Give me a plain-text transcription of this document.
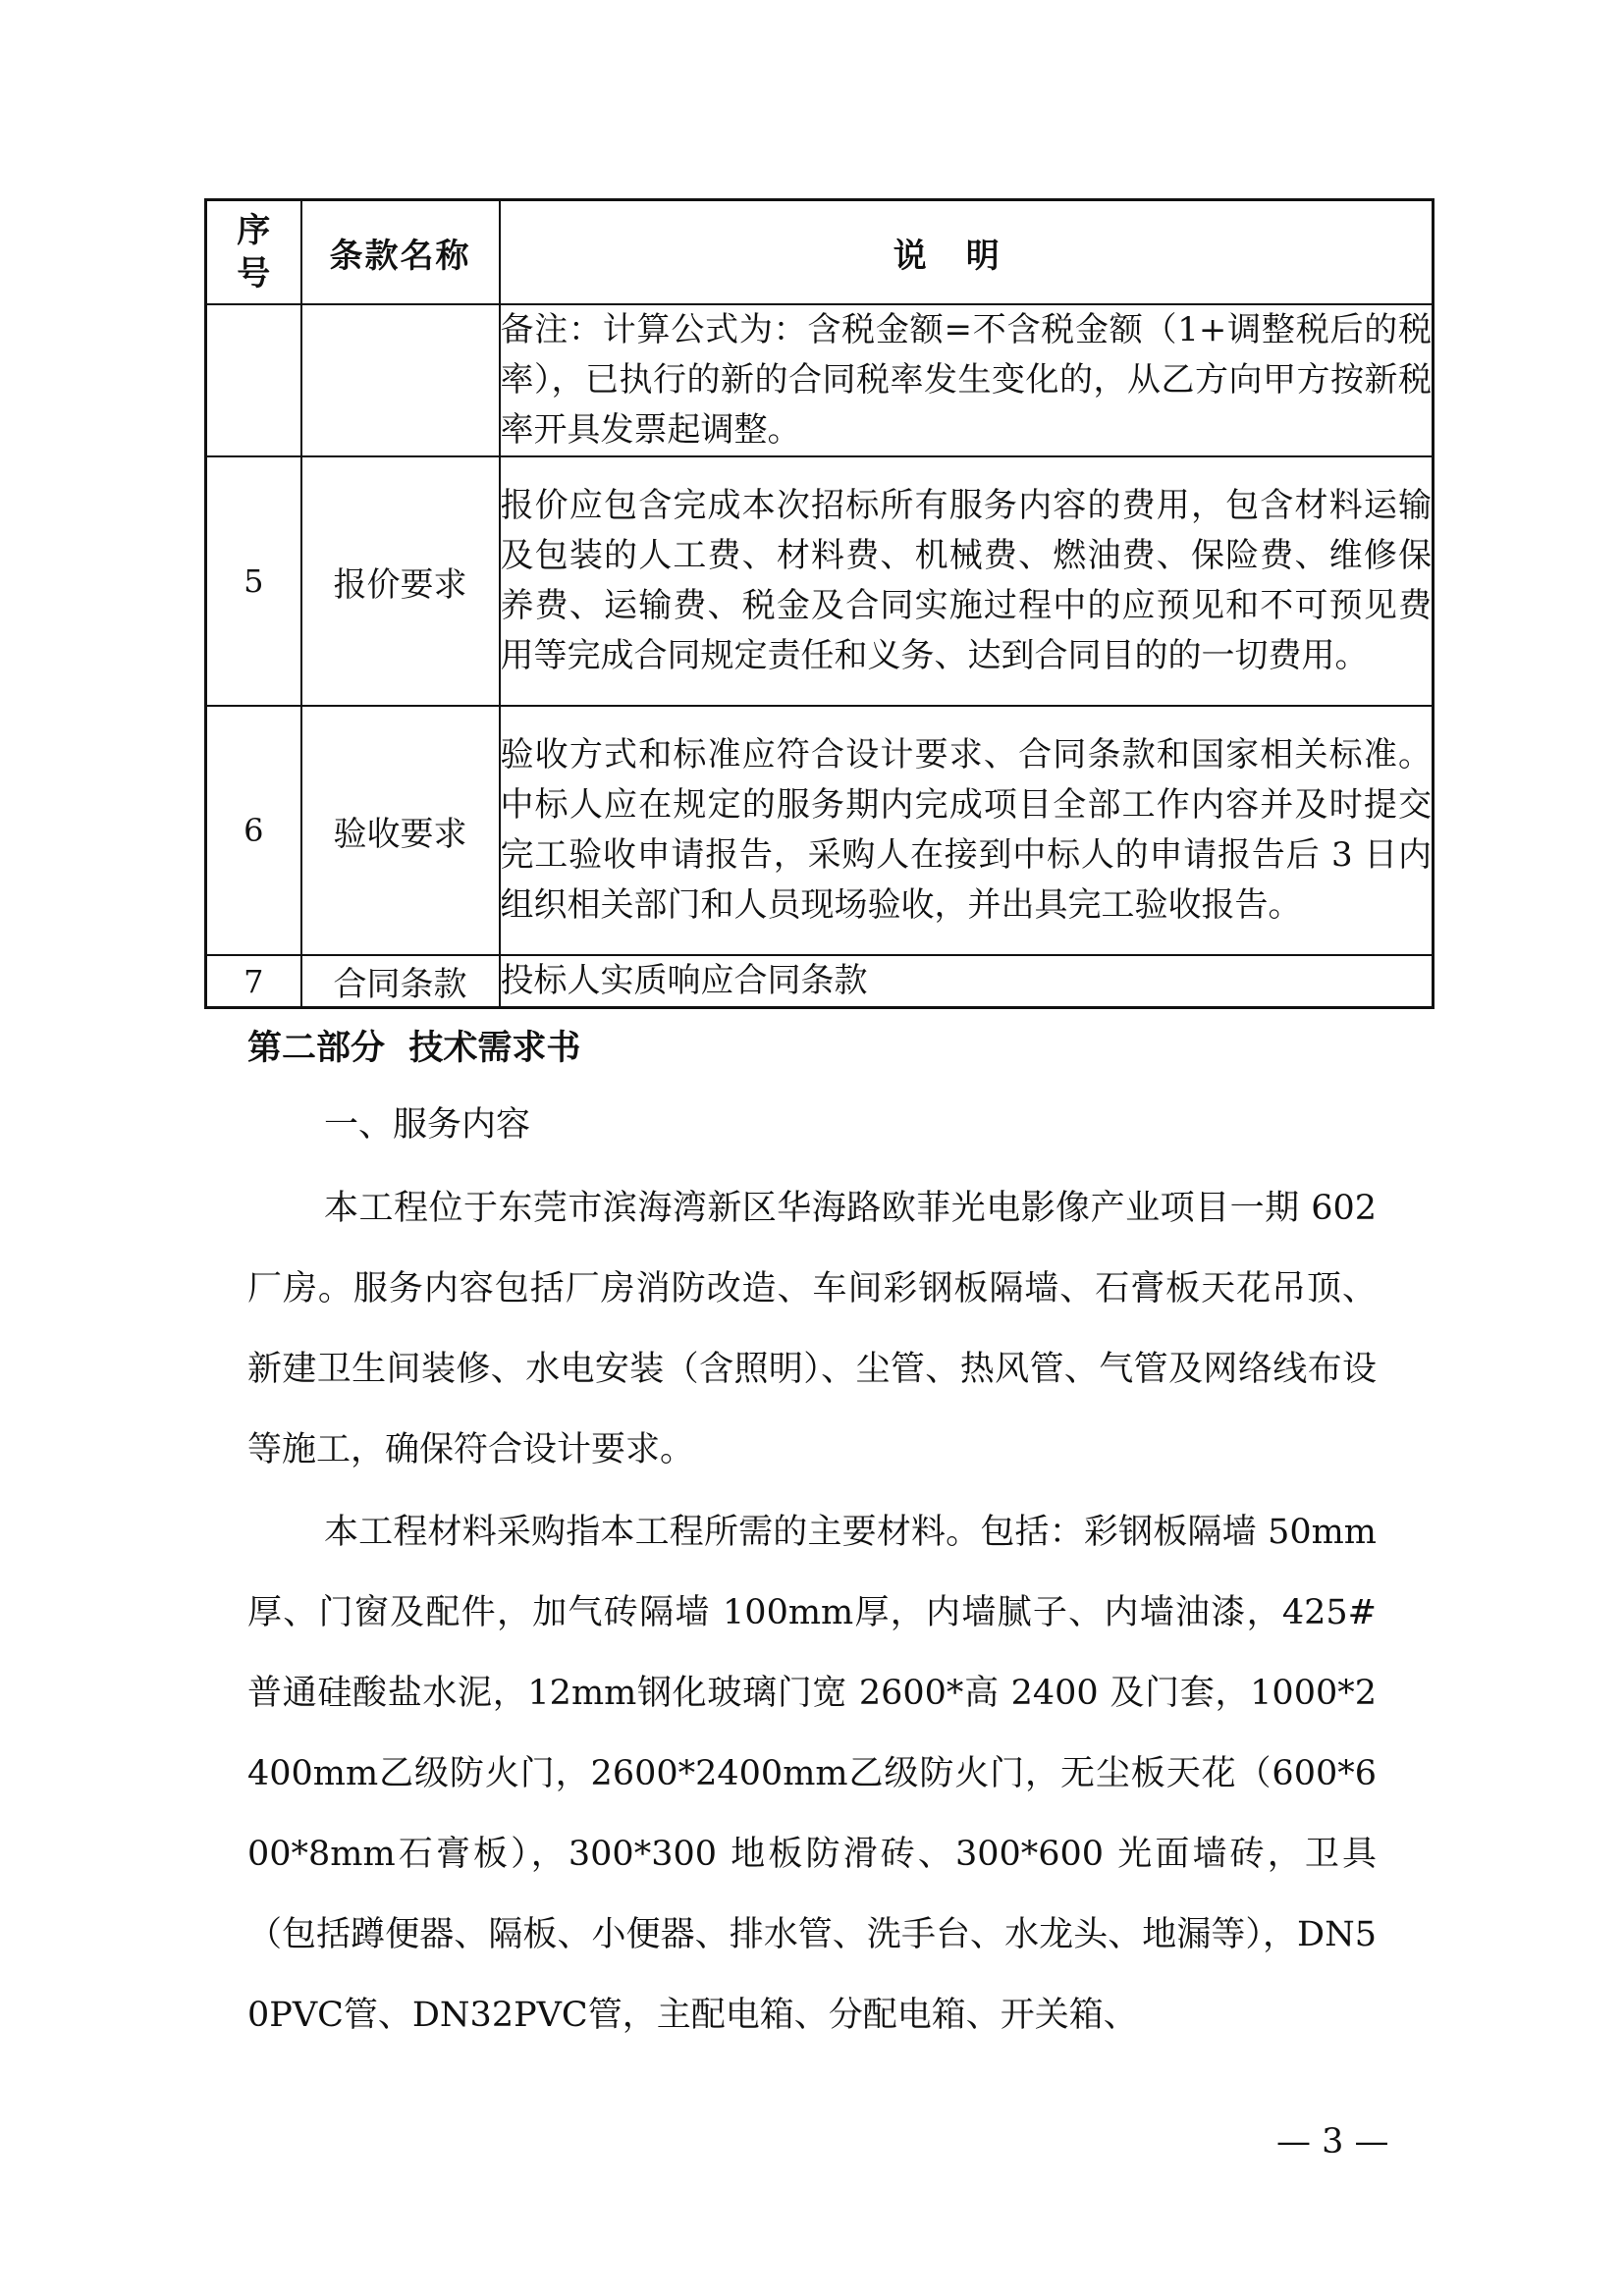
序号	条款名称	说明
		备注：计算公式为：含税金额=不含税金额（1+调整税后的税率），已执行的新的合同税率发生变化的，从乙方向甲方按新税率开具发票起调整。
5	报价要求	报价应包含完成本次招标所有服务内容的费用，包含材料运输及包装的人工费、材料费、机械费、燃油费、保险费、维修保养费、运输费、税金及合同实施过程中的应预见和不可预见费用等完成合同规定责任和义务、达到合同目的的一切费用。
6	验收要求	验收方式和标准应符合设计要求、合同条款和国家相关标准。中标人应在规定的服务期内完成项目全部工作内容并及时提交完工验收申请报告，采购人在接到中标人的申请报告后 3 日内组织相关部门和人员现场验收，并出具完工验收报告。
7	合同条款	投标人实质响应合同条款
第二部分  技术需求书
一、服务内容

本工程位于东莞市滨海湾新区华海路欧菲光电影像产业项目一期 602 厂房。服务内容包括厂房消防改造、车间彩钢板隔墙、石膏板天花吊顶、新建卫生间装修、水电安装（含照明）、尘管、热风管、气管及网络线布设等施工，确保符合设计要求。

本工程材料采购指本工程所需的主要材料。包括：彩钢板隔墙 50mm厚、门窗及配件，加气砖隔墙 100mm厚，内墙腻子、内墙油漆，425#普通硅酸盐水泥，12mm钢化玻璃门宽 2600*高 2400 及门套，1000*2400mm乙级防火门，2600*2400mm乙级防火门，无尘板天花（600*600*8mm石膏板），300*300 地板防滑砖、300*600 光面墙砖，卫具（包括蹲便器、隔板、小便器、排水管、洗手台、水龙头、地漏等），DN50PVC管、DN32PVC管，主配电箱、分配电箱、开关箱、

— 3 —
